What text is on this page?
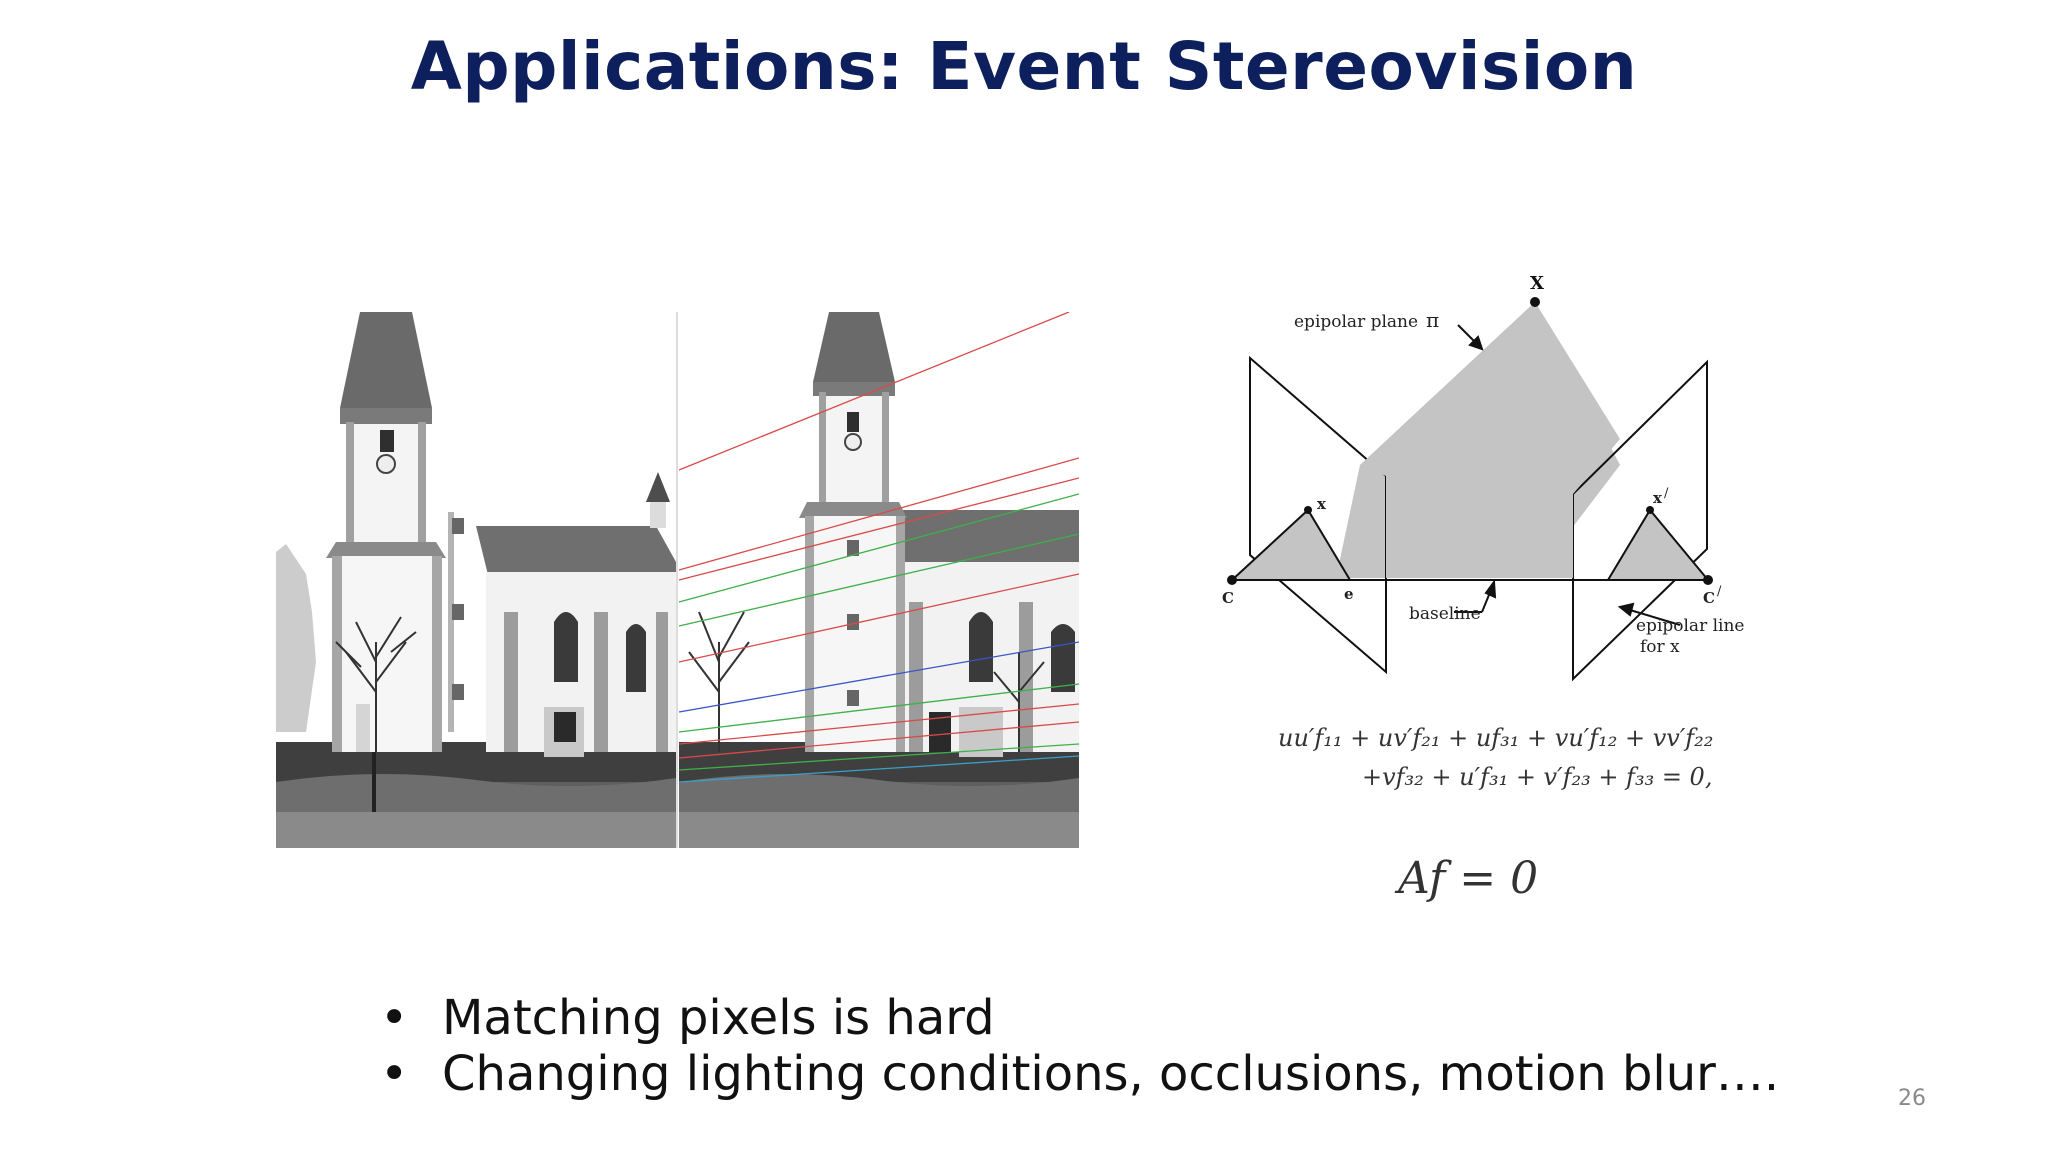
Applications: Event Stereovision
X
epipolar plane π
x	x /
C	C /
e
baseline
epipolar line
for x
uu′f₁₁ + uv′f₂₁ + uf₃₁ + vu′f₁₂ + vv′f₂₂
+vf₃₂ + u′f₃₁ + v′f₂₃ + f₃₃ = 0,
Af = 0
• Matching pixels is hard
• Changing lighting conditions, occlusions, motion blur….	26
